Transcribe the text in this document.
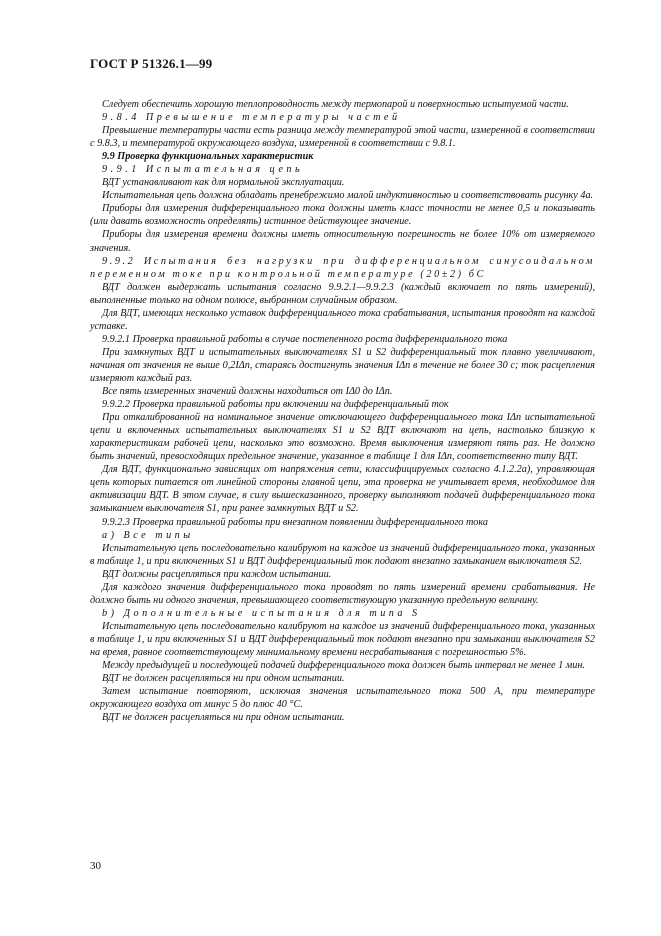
ГОСТ Р 51326.1—99

Следует обеспечить хорошую теплопроводность между термопарой и поверхностью испытуемой части.

9.8.4 Превышение температуры частей

Превышение температуры части есть разница между температурой этой части, измеренной в соответствии с 9.8.3, и температурой окружающего воздуха, измеренной в соответствии с 9.8.1.

9.9 Проверка функциональных характеристик

9.9.1 Испытательная цепь

ВДТ устанавливают как для нормальной эксплуатации.

Испытательная цепь должна обладать пренебрежимо малой индуктивностью и соответствовать рисунку 4а.

Приборы для измерения дифференциального тока должны иметь класс точности не менее 0,5 и показывать (или давать возможность определять) истинное действующее значение.

Приборы для измерения времени должны иметь относительную погрешность не более 10% от измеряемого значения.

9.9.2 Испытания без нагрузки при дифференциальном синусоидальном переменном токе при контрольной температуре (20±2) бС

ВДТ должен выдержать испытания согласно 9.9.2.1—9.9.2.3 (каждый включает по пять измерений), выполненные только на одном полюсе, выбранном случайным образом.

Для ВДТ, имеющих несколько уставок дифференциального тока срабатывания, испытания проводят на каждой уставке.

9.9.2.1 Проверка правильной работы в случае постепенного роста дифференциального тока

При замкнутых ВДТ и испытательных выключателях S1 и S2 дифференциальный ток плавно увеличивают, начиная от значения не выше 0,2IΔn, стараясь достигнуть значения IΔn в течение не более 30 с; ток расцепления измеряют каждый раз.

Все пять измеренных значений должны находиться от IΔ0 до IΔn.

9.9.2.2 Проверка правильной работы при включении на дифференциальный ток

При откалиброванной на номинальное значение отключающего дифференциального тока IΔn испытательной цепи и включенных испытательных выключателях S1 и S2 ВДТ включают на цепь, настолько близкую к характеристикам рабочей цепи, насколько это возможно. Время выключения измеряют пять раз. Не должно быть значений, превосходящих предельное значение, указанное в таблице 1 для IΔn, соответственно типу ВДТ.

Для ВДТ, функционально зависящих от напряжения сети, классифицируемых согласно 4.1.2.2а), управляющая цепь которых питается от линейной стороны главной цепи, эта проверка не учитывает время, необходимое для активизации ВДТ. В этом случае, в силу вышесказанного, проверку выполняют подачей дифференциального тока замыканием выключателя S1, при ранее замкнутых ВДТ и S2.

9.9.2.3 Проверка правильной работы при внезапном появлении дифференциального тока

а) Все типы

Испытательную цепь последовательно калибруют на каждое из значений дифференциального тока, указанных в таблице 1, и при включенных S1 и ВДТ дифференциальный ток подают внезапно замыканием выключателя S2.

ВДТ должны расцепляться при каждом испытании.

Для каждого значения дифференциального тока проводят по пять измерений времени срабатывания. Не должно быть ни одного значения, превышающего соответствующую указанную предельную величину.

b) Дополнительные испытания для типа S

Испытательную цепь последовательно калибруют на каждое из значений дифференциального тока, указанных в таблице 1, и при включенных S1 и ВДТ дифференциальный ток подают внезапно при замыкании выключателя S2 на время, равное соответствующему минимальному времени несрабатывания с погрешностью 5%.

Между предыдущей и последующей подачей дифференциального тока должен быть интервал не менее 1 мин.

ВДТ не должен расцепляться ни при одном испытании.

Затем испытание повторяют, исключая значения испытательного тока 500 А, при температуре окружающего воздуха от минус 5 до плюс 40 °С.

ВДТ не должен расцепляться ни при одном испытании.

30
